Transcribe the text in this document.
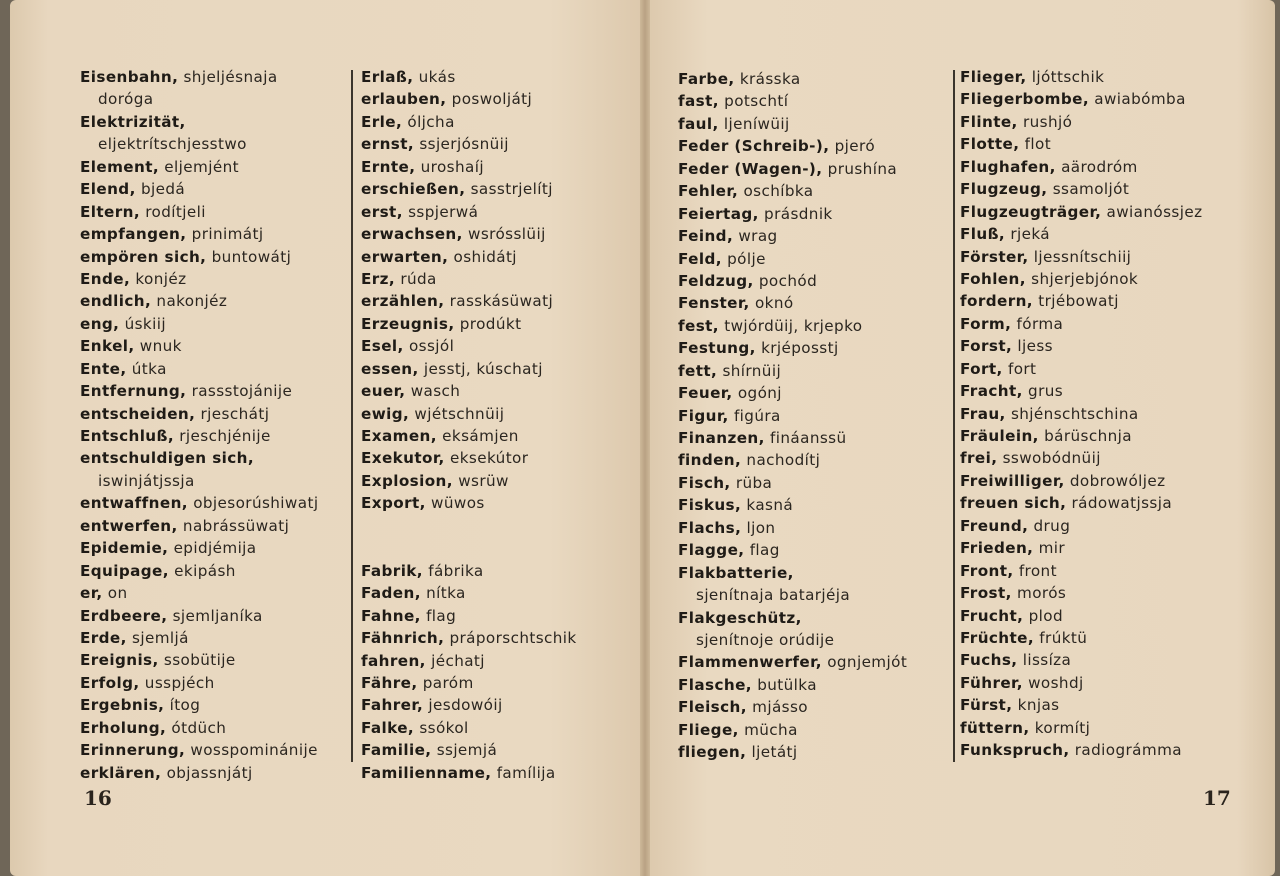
Eisenbahn, shjeljésnaja
doróga
Elektrizität,
eljektrítschjesstwo
Element, eljemjént
Elend, bjedá
Eltern, rodítjeli
empfangen, prinimátj
empören sich, buntowátj
Ende, konjéz
endlich, nakonjéz
eng, úskiij
Enkel, wnuk
Ente, útka
Entfernung, rassstojánije
entscheiden, rjeschátj
Entschluß, rjeschjénije
entschuldigen sich,
iswinjátjssja
entwaffnen, objesorúshiwatj
entwerfen, nabrássüwatj
Epidemie, epidjémija
Equipage, ekipásh
er, on
Erdbeere, sjemljaníka
Erde, sjemljá
Ereignis, ssobütije
Erfolg, usspjéch
Ergebnis, ítog
Erholung, ótdüch
Erinnerung, wosspominánije
erklären, objassnjátj
Erlaß, ukás
erlauben, poswoljátj
Erle, óljcha
ernst, ssjerjósnüij
Ernte, uroshaíj
erschießen, sasstrjelítj
erst, sspjerwá
erwachsen, wsrósslüij
erwarten, oshidátj
Erz, rúda
erzählen, rasskásüwatj
Erzeugnis, prodúkt
Esel, ossjól
essen, jesstj, kúschatj
euer, wasch
ewig, wjétschnüij
Examen, eksámjen
Exekutor, eksekútor
Explosion, wsrüw
Export, wüwos
Fabrik, fábrika
Faden, nítka
Fahne, flag
Fähnrich, práporschtschik
fahren, jéchatj
Fähre, paróm
Fahrer, jesdowóij
Falke, ssókol
Familie, ssjemjá
Familienname, famílija
Farbe, krásska
fast, potschtí
faul, ljeníwüij
Feder (Schreib-), pjeró
Feder (Wagen-), prushína
Fehler, oschíbka
Feiertag, prásdnik
Feind, wrag
Feld, pólje
Feldzug, pochód
Fenster, oknó
fest, twjórdüij, krjepko
Festung, krjéposstj
fett, shírnüij
Feuer, ogónj
Figur, figúra
Finanzen, fináanssü
finden, nachodítj
Fisch, rüba
Fiskus, kasná
Flachs, ljon
Flagge, flag
Flakbatterie,
sjenítnaja batarjéja
Flakgeschütz,
sjenítnoje orúdije
Flammenwerfer, ognjemjót
Flasche, butülka
Fleisch, mjásso
Fliege, mücha
fliegen, ljetátj
Flieger, ljóttschik
Fliegerbombe, awiabómba
Flinte, rushjó
Flotte, flot
Flughafen, aärodróm
Flugzeug, ssamoljót
Flugzeugträger, awianóssjez
Fluß, rjeká
Förster, ljessnítschiij
Fohlen, shjerjebjónok
fordern, trjébowatj
Form, fórma
Forst, ljess
Fort, fort
Fracht, grus
Frau, shjénschtschina
Fräulein, bárüschnja
frei, sswobódnüij
Freiwilliger, dobrowóljez
freuen sich, rádowatjssja
Freund, drug
Frieden, mir
Front, front
Frost, morós
Frucht, plod
Früchte, frúktü
Fuchs, lissíza
Führer, woshdj
Fürst, knjas
füttern, kormítj
Funkspruch, radiográmma
16	17
